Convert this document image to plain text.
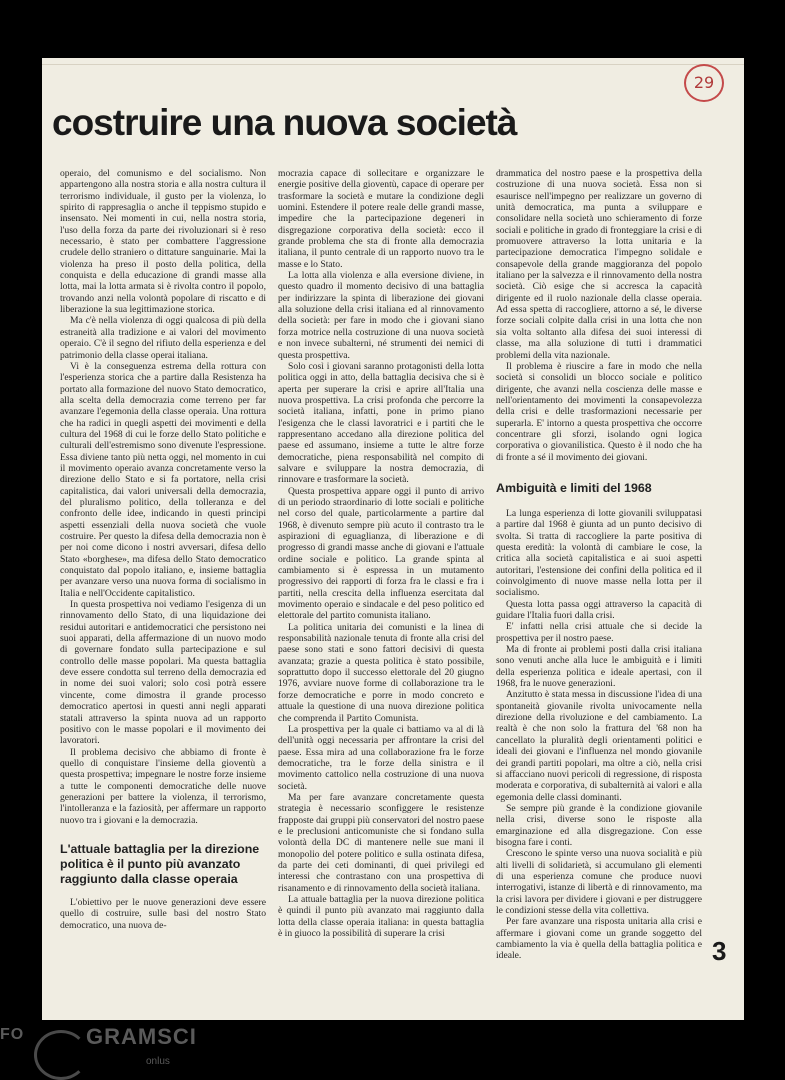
29
costruire una nuova società

operaio, del comunismo e del socialismo. Non appartengono alla nostra storia e alla nostra cultura il terrorismo individuale, il gusto per la violenza, lo spirito di rappresaglia o anche il teppismo stupido e insensato. Nei momenti in cui, nella nostra storia, l'uso della forza da parte dei rivoluzionari si è reso necessario, è stato per combattere l'aggressione crudele dello straniero o dittature sanguinarie. Mai la violenza ha preso il posto della politica, della conquista e della educazione di grandi masse alla lotta, mai la lotta armata si è rivolta contro il popolo, trovando anzi nella volontà popolare di riscatto e di liberazione la sua legittimazione storica.

Ma c'è nella violenza di oggi qualcosa di più della estraneità alla tradizione e ai valori del movimento operaio. C'è il segno del rifiuto della esperienza e del patrimonio della classe operai italiana.

Vi è la conseguenza estrema della rottura con l'esperienza storica che a partire dalla Resistenza ha portato alla formazione del nuovo Stato democratico, alla scelta della democrazia come terreno per far avanzare l'egemonia della classe operaia. Una rottura che ha radici in quegli aspetti dei movimenti e della cultura del 1968 di cui le forze dello Stato politiche e culturali dell'estremismo sono divenute l'espressione. Essa diviene tanto più netta oggi, nel momento in cui il movimento operaio avanza concretamente verso la direzione dello Stato e si fa portatore, nella crisi capitalistica, dai valori universali della democrazia, del pluralismo politico, della tolleranza e del confronto delle idee, indicando in questi principi aspetti essenziali della nuova società che vuole costruire. Per questo la difesa della democrazia non è per noi come dicono i nostri avversari, difesa dello Stato «borghese», ma difesa dello Stato democratico conquistato dal popolo italiano, e, insieme battaglia per avanzare verso una nuova forma di socialismo in Italia e nell'Occidente capitalistico.

In questa prospettiva noi vediamo l'esigenza di un rinnovamento dello Stato, di una liquidazione dei residui autoritari e antidemocratici che persistono nei suoi apparati, della affermazione di un nuovo modo di governare fondato sulla partecipazione e sul controllo delle masse popolari. Ma questa battaglia deve essere condotta sul terreno della democrazia ed in nome dei suoi valori; solo così potrà essere vincente, come dimostra il grande processo democratico apertosi in questi anni negli apparati statali attraverso la spinta nuova ad un rapporto positivo con le masse popolari e il movimento dei lavoratori.

Il problema decisivo che abbiamo di fronte è quello di conquistare l'insieme della gioventù a questa prospettiva; impegnare le nostre forze insieme a tutte le componenti democratiche delle nuove generazioni per battere la violenza, il terrorismo, l'intolleranza e la faziosità, per affermare un rapporto nuovo tra i giovani e la democrazia.

L'attuale battaglia per la direzione politica è il punto più avanzato raggiunto dalla classe operaia

L'obiettivo per le nuove generazioni deve essere quello di costruire, sulle basi del nostro Stato democratico, una nuova de-

mocrazia capace di sollecitare e organizzare le energie positive della gioventù, capace di operare per trasformare la società e mutare la condizione degli uomini. Estendere il potere reale delle grandi masse, impedire che la partecipazione degeneri in disgregazione corporativa della società: ecco il grande problema che sta di fronte alla democrazia italiana, il punto centrale di un rapporto nuovo tra le masse e lo Stato.

La lotta alla violenza e alla eversione diviene, in questo quadro il momento decisivo di una battaglia per indirizzare la spinta di liberazione dei giovani alla soluzione della crisi italiana ed al rinnovamento della società: per fare in modo che i giovani siano forza motrice nella costruzione di una nuova società e non invece subalterni, né strumenti dei nemici di questa prospettiva.

Solo così i giovani saranno protagonisti della lotta politica oggi in atto, della battaglia decisiva che si è aperta per superare la crisi e aprire all'Italia una nuova prospettiva. La crisi profonda che percorre la società italiana, infatti, pone in primo piano l'esigenza che le classi lavoratrici e i partiti che le rappresentano accedano alla direzione politica del paese ed assumano, insieme a tutte le altre forze democratiche, piena responsabilità nel compito di salvare e sviluppare la nostra democrazia, di rinnovare e trasformare la società.

Questa prospettiva appare oggi il punto di arrivo di un periodo straordinario di lotte sociali e politiche nel corso del quale, particolarmente a partire dal 1968, è divenuto sempre più acuto il contrasto tra le aspirazioni di eguaglianza, di liberazione e di progresso di grandi masse anche di giovani e l'attuale ordine sociale e politico. La grande spinta al cambiamento si è espressa in un mutamento progressivo dei rapporti di forza fra le classi e fra i partiti, nella crescita della influenza esercitata dal movimento operaio e sindacale e del peso politico ed elettorale del partito comunista italiano.

La politica unitaria dei comunisti e la linea di responsabilità nazionale tenuta di fronte alla crisi del paese sono stati e sono fattori decisivi di questa avanzata; grazie a questa politica è stato possibile, soprattutto dopo il successo elettorale del 20 giugno 1976, avviare nuove forme di collaborazione tra le forze democratiche e porre in modo concreto e attuale la questione di una nuova direzione politica che comprenda il Partito Comunista.

La prospettiva per la quale ci battiamo va al di là dell'unità oggi necessaria per affrontare la crisi del paese. Essa mira ad una collaborazione fra le forze democratiche, tra le forze della sinistra e il movimento cattolico nella costruzione di una nuova società.

Ma per fare avanzare concretamente questa strategia è necessario sconfiggere le resistenze frapposte dai gruppi più conservatori del nostro paese e le preclusioni anticomuniste che si fondano sulla volontà della DC di mantenere nelle sue mani il monopolio del potere politico e sulla ostinata difesa, da parte dei ceti dominanti, di quei privilegi ed interessi che contrastano con una prospettiva di risanamento e di rinnovamento della società italiana.

La attuale battaglia per la nuova direzione politica è quindi il punto più avanzato mai raggiunto dalla lotta della classe operaia italiana: in questa battaglia è in giuoco la possibilità di superare la crisi

drammatica del nostro paese e la prospettiva della costruzione di una nuova società. Essa non si esaurisce nell'impegno per realizzare un governo di unità democratica, ma punta a sviluppare e consolidare nella società uno schieramento di forze sociali e politiche in grado di fronteggiare la crisi e di promuovere attraverso la lotta unitaria e la partecipazione democratica l'impegno solidale e consapevole della grande maggioranza del popolo italiano per la salvezza e il rinnovamento della nostra società. Ciò esige che si accresca la capacità dirigente ed il ruolo nazionale della classe operaia. Ad essa spetta di raccogliere, attorno a sé, le diverse forze sociali colpite dalla crisi in una lotta che non sia volta soltanto alla difesa dei suoi interessi di classe, ma alla soluzione di tutti i drammatici problemi della vita nazionale.

Il problema è riuscire a fare in modo che nella società si consolidi un blocco sociale e politico dirigente, che avanzi nella coscienza delle masse e nell'orientamento dei movimenti la consapevolezza della crisi e delle trasformazioni necessarie per superarla. E' intorno a questa prospettiva che occorre concentrare gli sforzi, isolando ogni logica corporativa o giovanilistica. Questo è il nodo che ha di fronte a sé il movimento dei giovani.

Ambiguità e limiti del 1968

La lunga esperienza di lotte giovanili sviluppatasi a partire dal 1968 è giunta ad un punto decisivo di svolta. Si tratta di raccogliere la parte positiva di questa eredità: la volontà di cambiare le cose, la critica alla società capitalistica e ai suoi aspetti autoritari, l'estensione dei confini della politica ed il coinvolgimento di nuove masse nella lotta per il socialismo.

Questa lotta passa oggi attraverso la capacità di guidare l'Italia fuori dalla crisi.

E' infatti nella crisi attuale che si decide la prospettiva per il nostro paese.

Ma di fronte ai problemi posti dalla crisi italiana sono venuti anche alla luce le ambiguità e i limiti della esperienza politica e ideale apertasi, con il 1968, fra le nuove generazioni.

Anzitutto è stata messa in discussione l'idea di una spontaneità giovanile rivolta univocamente nella direzione della rivoluzione e del cambiamento. La realtà è che non solo la frattura del '68 non ha cancellato la pluralità degli orientamenti politici e ideali dei giovani e l'influenza nel mondo giovanile dei grandi partiti popolari, ma oltre a ciò, nella crisi si affacciano nuovi pericoli di regressione, di risposta moderata e corporativa, di subalternità ai valori e alla egemonia delle classi dominanti.

Se sempre più grande è la condizione giovanile nella crisi, diverse sono le risposte alla emarginazione ed alla disgregazione. Con esse bisogna fare i conti.

Crescono le spinte verso una nuova socialità e più alti livelli di solidarietà, si accumulano gli elementi di una esperienza comune che produce nuovi interrogativi, istanze di libertà e di rinnovamento, ma la crisi lavora per dividere i giovani e per distruggere le condizioni stesse della vita collettiva.

Per fare avanzare una risposta unitaria alla crisi e affermare i giovani come un grande soggetto del cambiamento la via è quella della battaglia politica e ideale.	3
FO	GRAMSCI
onlus
